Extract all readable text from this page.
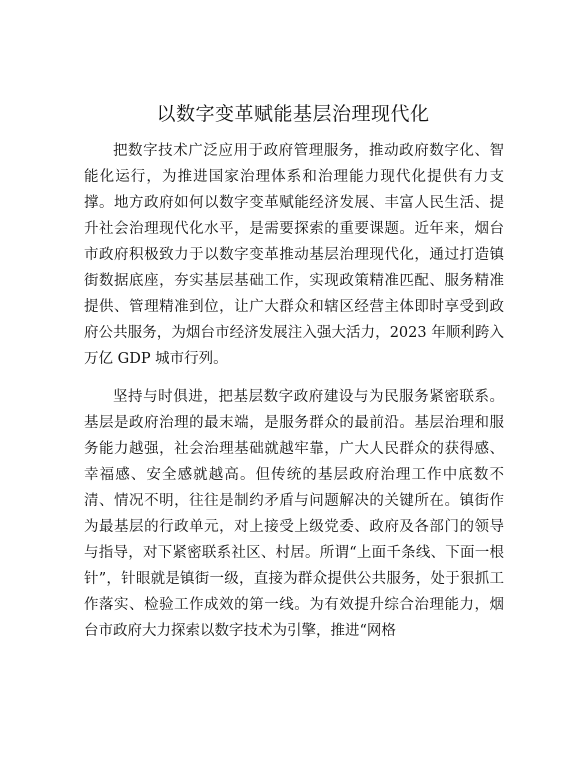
以数字变革赋能基层治理现代化

把数字技术广泛应用于政府管理服务，推动政府数字化、智能化运行，为推进国家治理体系和治理能力现代化提供有力支撑。地方政府如何以数字变革赋能经济发展、丰富人民生活、提升社会治理现代化水平，是需要探索的重要课题。近年来，烟台市政府积极致力于以数字变革推动基层治理现代化，通过打造镇街数据底座，夯实基层基础工作，实现政策精准匹配、服务精准提供、管理精准到位，让广大群众和辖区经营主体即时享受到政府公共服务，为烟台市经济发展注入强大活力，2023 年顺利跨入万亿 GDP 城市行列。

坚持与时俱进，把基层数字政府建设与为民服务紧密联系。基层是政府治理的最末端，是服务群众的最前沿。基层治理和服务能力越强，社会治理基础就越牢靠，广大人民群众的获得感、幸福感、安全感就越高。但传统的基层政府治理工作中底数不清、情况不明，往往是制约矛盾与问题解决的关键所在。镇街作为最基层的行政单元，对上接受上级党委、政府及各部门的领导与指导，对下紧密联系社区、村居。所谓“上面千条线、下面一根针”，针眼就是镇街一级，直接为群众提供公共服务，处于狠抓工作落实、检验工作成效的第一线。为有效提升综合治理能力，烟台市政府大力探索以数字技术为引擎，推进“网格
